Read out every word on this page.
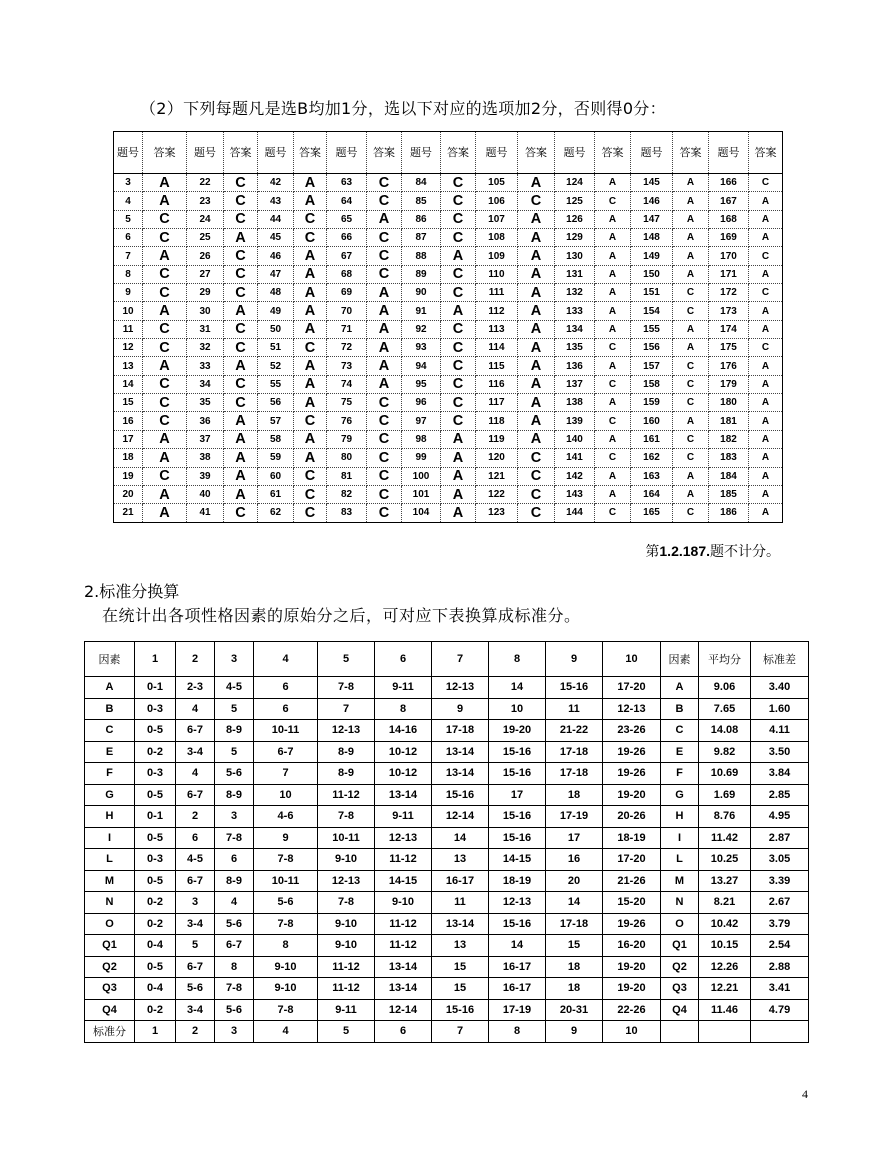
（2）下列每题凡是选B均加1分，选以下对应的选项加2分，否则得0分：
题号	答案	题号	答案	题号	答案	题号	答案	题号	答案	题号	答案	题号	答案	题号	答案	题号	答案
3	A	22	C	42	A	63	C	84	C	105	A	124	A	145	A	166	C
4	A	23	C	43	A	64	C	85	C	106	C	125	C	146	A	167	A
5	C	24	C	44	C	65	A	86	C	107	A	126	A	147	A	168	A
6	C	25	A	45	C	66	C	87	C	108	A	129	A	148	A	169	A
7	A	26	C	46	A	67	C	88	A	109	A	130	A	149	A	170	C
8	C	27	C	47	A	68	C	89	C	110	A	131	A	150	A	171	A
9	C	29	C	48	A	69	A	90	C	111	A	132	A	151	C	172	C
10	A	30	A	49	A	70	A	91	A	112	A	133	A	154	C	173	A
11	C	31	C	50	A	71	A	92	C	113	A	134	A	155	A	174	A
12	C	32	C	51	C	72	A	93	C	114	A	135	C	156	A	175	C
13	A	33	A	52	A	73	A	94	C	115	A	136	A	157	C	176	A
14	C	34	C	55	A	74	A	95	C	116	A	137	C	158	C	179	A
15	C	35	C	56	A	75	C	96	C	117	A	138	A	159	C	180	A
16	C	36	A	57	C	76	C	97	C	118	A	139	C	160	A	181	A
17	A	37	A	58	A	79	C	98	A	119	A	140	A	161	C	182	A
18	A	38	A	59	A	80	C	99	A	120	C	141	C	162	C	183	A
19	C	39	A	60	C	81	C	100	A	121	C	142	A	163	A	184	A
20	A	40	A	61	C	82	C	101	A	122	C	143	A	164	A	185	A
21	A	41	C	62	C	83	C	104	A	123	C	144	C	165	C	186	A
第1.2.187.题不计分。
2.标准分换算
在统计出各项性格因素的原始分之后，可对应下表换算成标准分。
因素	1	2	3	4	5	6	7	8	9	10	因素	平均分	标准差
A	0-1	2-3	4-5	6	7-8	9-11	12-13	14	15-16	17-20	A	9.06	3.40
B	0-3	4	5	6	7	8	9	10	11	12-13	B	7.65	1.60
C	0-5	6-7	8-9	10-11	12-13	14-16	17-18	19-20	21-22	23-26	C	14.08	4.11
E	0-2	3-4	5	6-7	8-9	10-12	13-14	15-16	17-18	19-26	E	9.82	3.50
F	0-3	4	5-6	7	8-9	10-12	13-14	15-16	17-18	19-26	F	10.69	3.84
G	0-5	6-7	8-9	10	11-12	13-14	15-16	17	18	19-20	G	1.69	2.85
H	0-1	2	3	4-6	7-8	9-11	12-14	15-16	17-19	20-26	H	8.76	4.95
I	0-5	6	7-8	9	10-11	12-13	14	15-16	17	18-19	I	11.42	2.87
L	0-3	4-5	6	7-8	9-10	11-12	13	14-15	16	17-20	L	10.25	3.05
M	0-5	6-7	8-9	10-11	12-13	14-15	16-17	18-19	20	21-26	M	13.27	3.39
N	0-2	3	4	5-6	7-8	9-10	11	12-13	14	15-20	N	8.21	2.67
O	0-2	3-4	5-6	7-8	9-10	11-12	13-14	15-16	17-18	19-26	O	10.42	3.79
Q1	0-4	5	6-7	8	9-10	11-12	13	14	15	16-20	Q1	10.15	2.54
Q2	0-5	6-7	8	9-10	11-12	13-14	15	16-17	18	19-20	Q2	12.26	2.88
Q3	0-4	5-6	7-8	9-10	11-12	13-14	15	16-17	18	19-20	Q3	12.21	3.41
Q4	0-2	3-4	5-6	7-8	9-11	12-14	15-16	17-19	20-31	22-26	Q4	11.46	4.79
标准分	1	2	3	4	5	6	7	8	9	10			
4
